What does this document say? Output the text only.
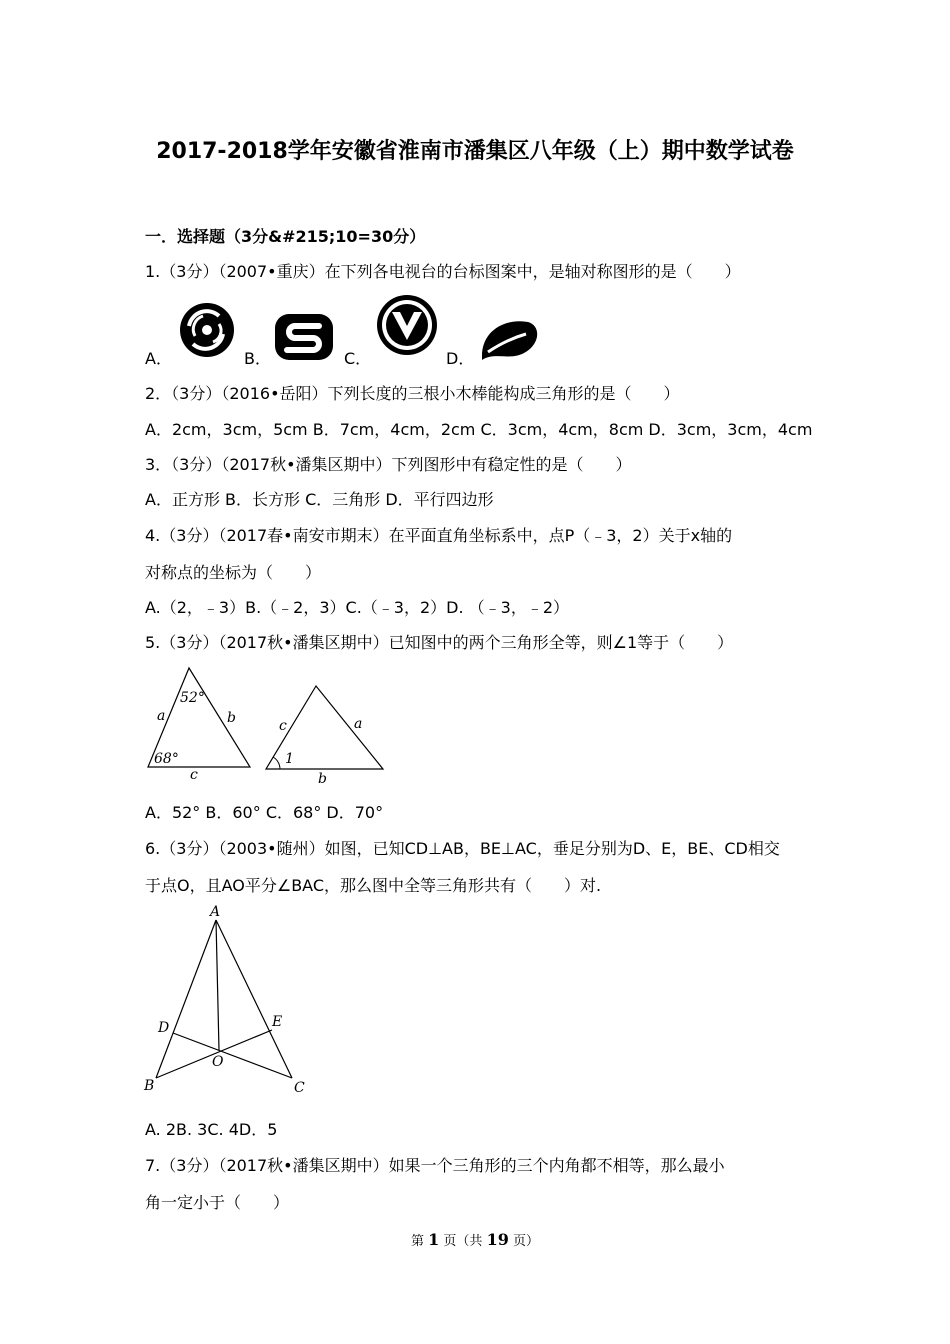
2017-2018学年安徽省淮南市潘集区八年级（上）期中数学试卷
一．选择题（3分&#215;10=30分）
1.（3分）（2007•重庆）在下列各电视台的台标图案中，是轴对称图形的是（　　）
A．	B．	C．	D．
2．（3分）（2016•岳阳）下列长度的三根小木棒能构成三角形的是（　　）
A．2cm，3cm，5cm B．7cm，4cm，2cm C．3cm，4cm，8cm D．3cm，3cm，4cm
3．（3分）（2017秋•潘集区期中）下列图形中有稳定性的是（　　）
A．正方形 B．长方形 C．三角形 D．平行四边形
4.（3分）（2017春•南安市期末）在平面直角坐标系中，点P（﹣3，2）关于x轴的
对称点的坐标为（　　）
A.（2，﹣3）B.（﹣2，3）C.（﹣3，2）D. （﹣3，﹣2）
5.（3分）（2017秋•潘集区期中）已知图中的两个三角形全等，则∠1等于（　　）
52°
68°
a	b
c
c	a
b
1
A．52° B．60° C．68° D．70°
6.（3分）（2003•随州）如图，已知CD⊥AB，BE⊥AC，垂足分别为D、E，BE、CD相交
于点O，且AO平分∠BAC，那么图中全等三角形共有（　　）对.
A
B	C
D	E
O
A. 2B. 3C. 4D．5
7.（3分）（2017秋•潘集区期中）如果一个三角形的三个内角都不相等，那么最小
角一定小于（　　）
第 1 页（共 19 页）
